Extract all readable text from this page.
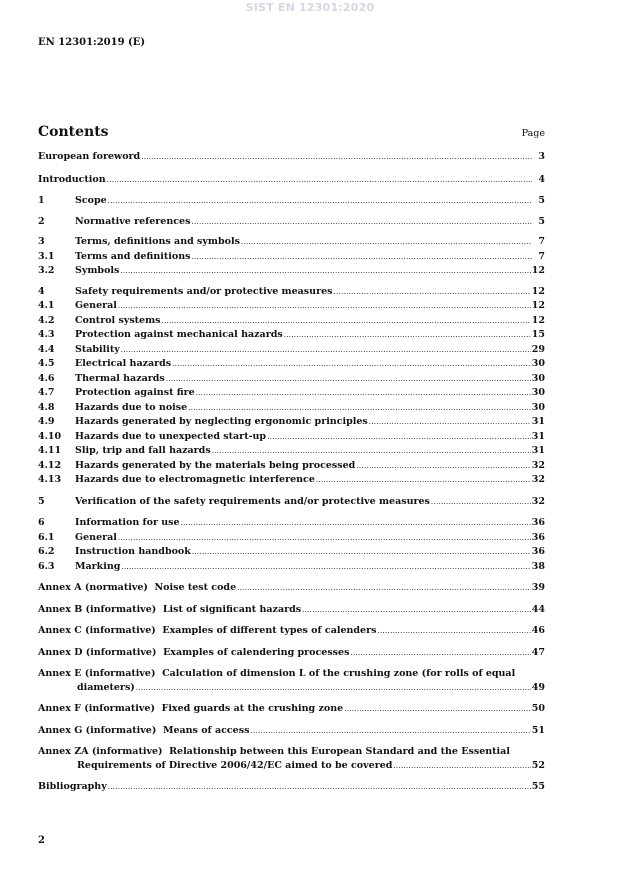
SIST EN 12301:2020
EN 12301:2019 (E)
Contents	Page
European foreword .....	3
Introduction .....	4
1	Scope .....	5
2	Normative references .....	5
3	Terms, definitions and symbols .....	7
3.1	Terms and definitions .....	7
3.2	Symbols .....	12
4	Safety requirements and/or protective measures .....	12
4.1	General .....	12
4.2	Control systems .....	12
4.3	Protection against mechanical hazards .....	15
4.4	Stability .....	29
4.5	Electrical hazards .....	30
4.6	Thermal hazards .....	30
4.7	Protection against fire .....	30
4.8	Hazards due to noise .....	30
4.9	Hazards generated by neglecting ergonomic principles .....	31
4.10	Hazards due to unexpected start-up .....	31
4.11	Slip, trip and fall hazards .....	31
4.12	Hazards generated by the materials being processed .....	32
4.13	Hazards due to electromagnetic interference .....	32
5	Verification of the safety requirements and/or protective measures .....	32
6	Information for use .....	36
6.1	General .....	36
6.2	Instruction handbook .....	36
6.3	Marking .....	38
Annex A (normative)  Noise test code .....	39
Annex B (informative)  List of significant hazards .....	44
Annex C (informative)  Examples of different types of calenders .....	46
Annex D (informative)  Examples of calendering processes .....	47
Annex E (informative)  Calculation of dimension L of the crushing zone (for rolls of equal
diameters) .....	49
Annex F (informative)  Fixed guards at the crushing zone .....	50
Annex G (informative)  Means of access .....	51
Annex ZA (informative)  Relationship between this European Standard and the Essential
Requirements of Directive 2006/42/EC aimed to be covered .....	52
Bibliography .....	55
2
